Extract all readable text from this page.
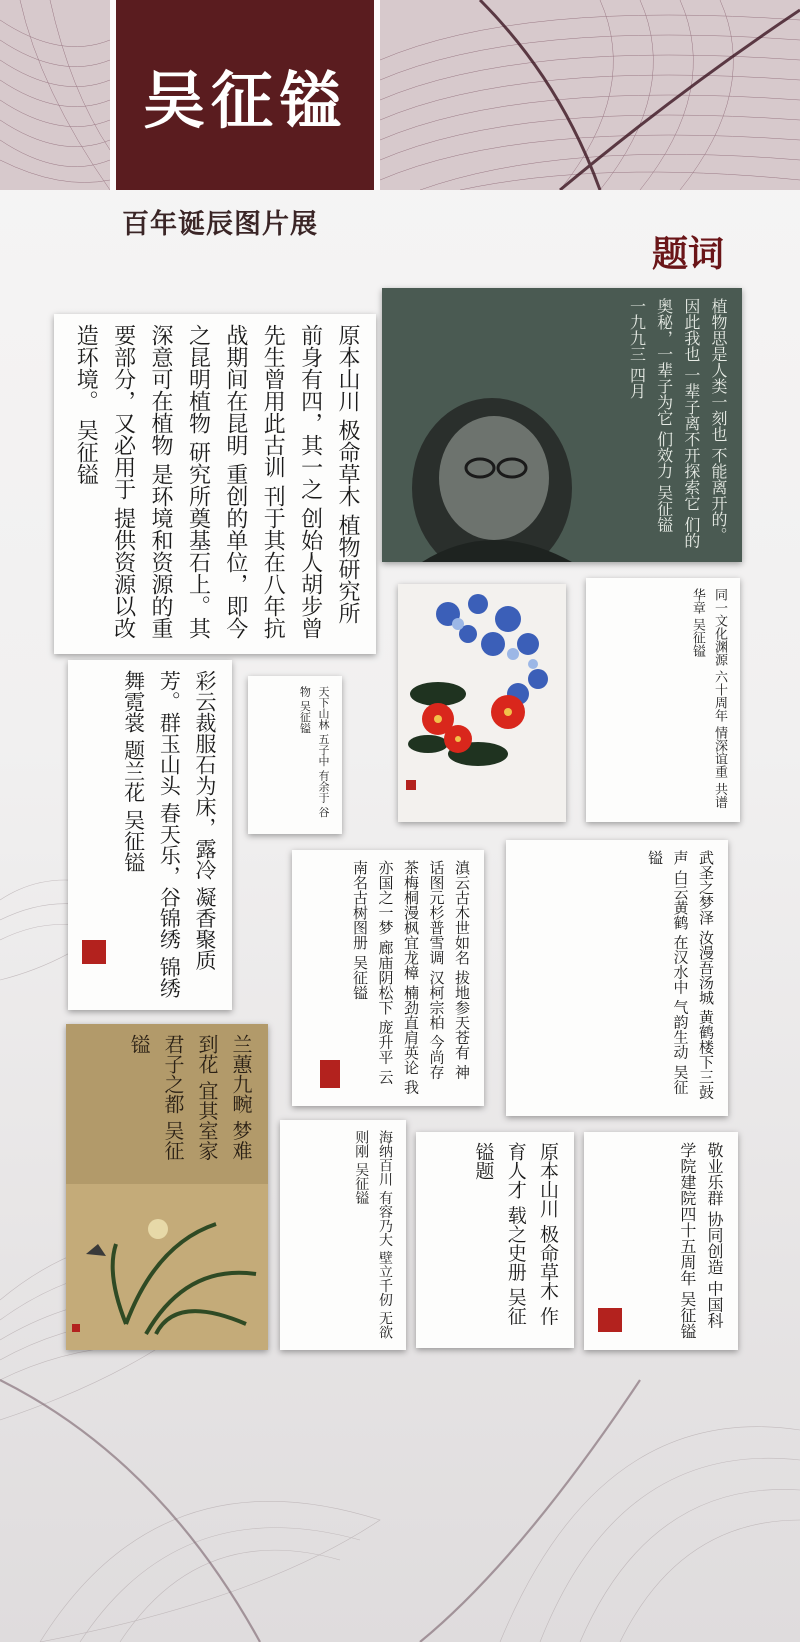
吴征镒
百年诞辰图片展
题词
原本山川 极命草木 植物研究所前身有四，其一之 创始人胡步曾先生曾用此古训 刊于其在八年抗战期间在昆明 重创的单位，即今之昆明植物 研究所奠基石上。其深意可在植物 是环境和资源的重要部分，又必用于 提供资源以改造环境。 吴征镒	植物思是人类一刻也 不能离开的。因此我也 一辈子离不开探索它 们的奥秘，一辈子为它 们效力 吴征镒 一九九三 四月
彩云裁服石为床，露冷 凝香聚质芳。群玉山头 春天乐，谷锦绣 锦绣舞霓裳 题兰花 吴征镒	天下山林 五子中 有余于 谷物 吴征镒	同一文化渊源 六十周年 情深谊重 共谱华章 吴征镒
滇云古木世如名 拔地参天苍有 神 话图元杉普雪调 汉柯宗柏 今尚存 茶梅桐漫枫宜龙樟 楠劲直肩英论 我亦国之一梦 廊庙阴松下 庞升平 云南名古树图册 吴征镒	武圣之梦泽 汝漫吾汤城 黄鹤楼下三鼓声 白云黄鹤 在汉水中 气韵生动 吴征镒
兰蕙九畹 梦难到花 宜其室家 君子之都 吴征镒
海纳百川 有容乃大 壁立千仞 无欲则刚 吴征镒	原本山川 极命草木 作育人才 载之史册 吴征镒题	敬业乐群 协同创造 中国科学院建院四十五周年 吴征镒
